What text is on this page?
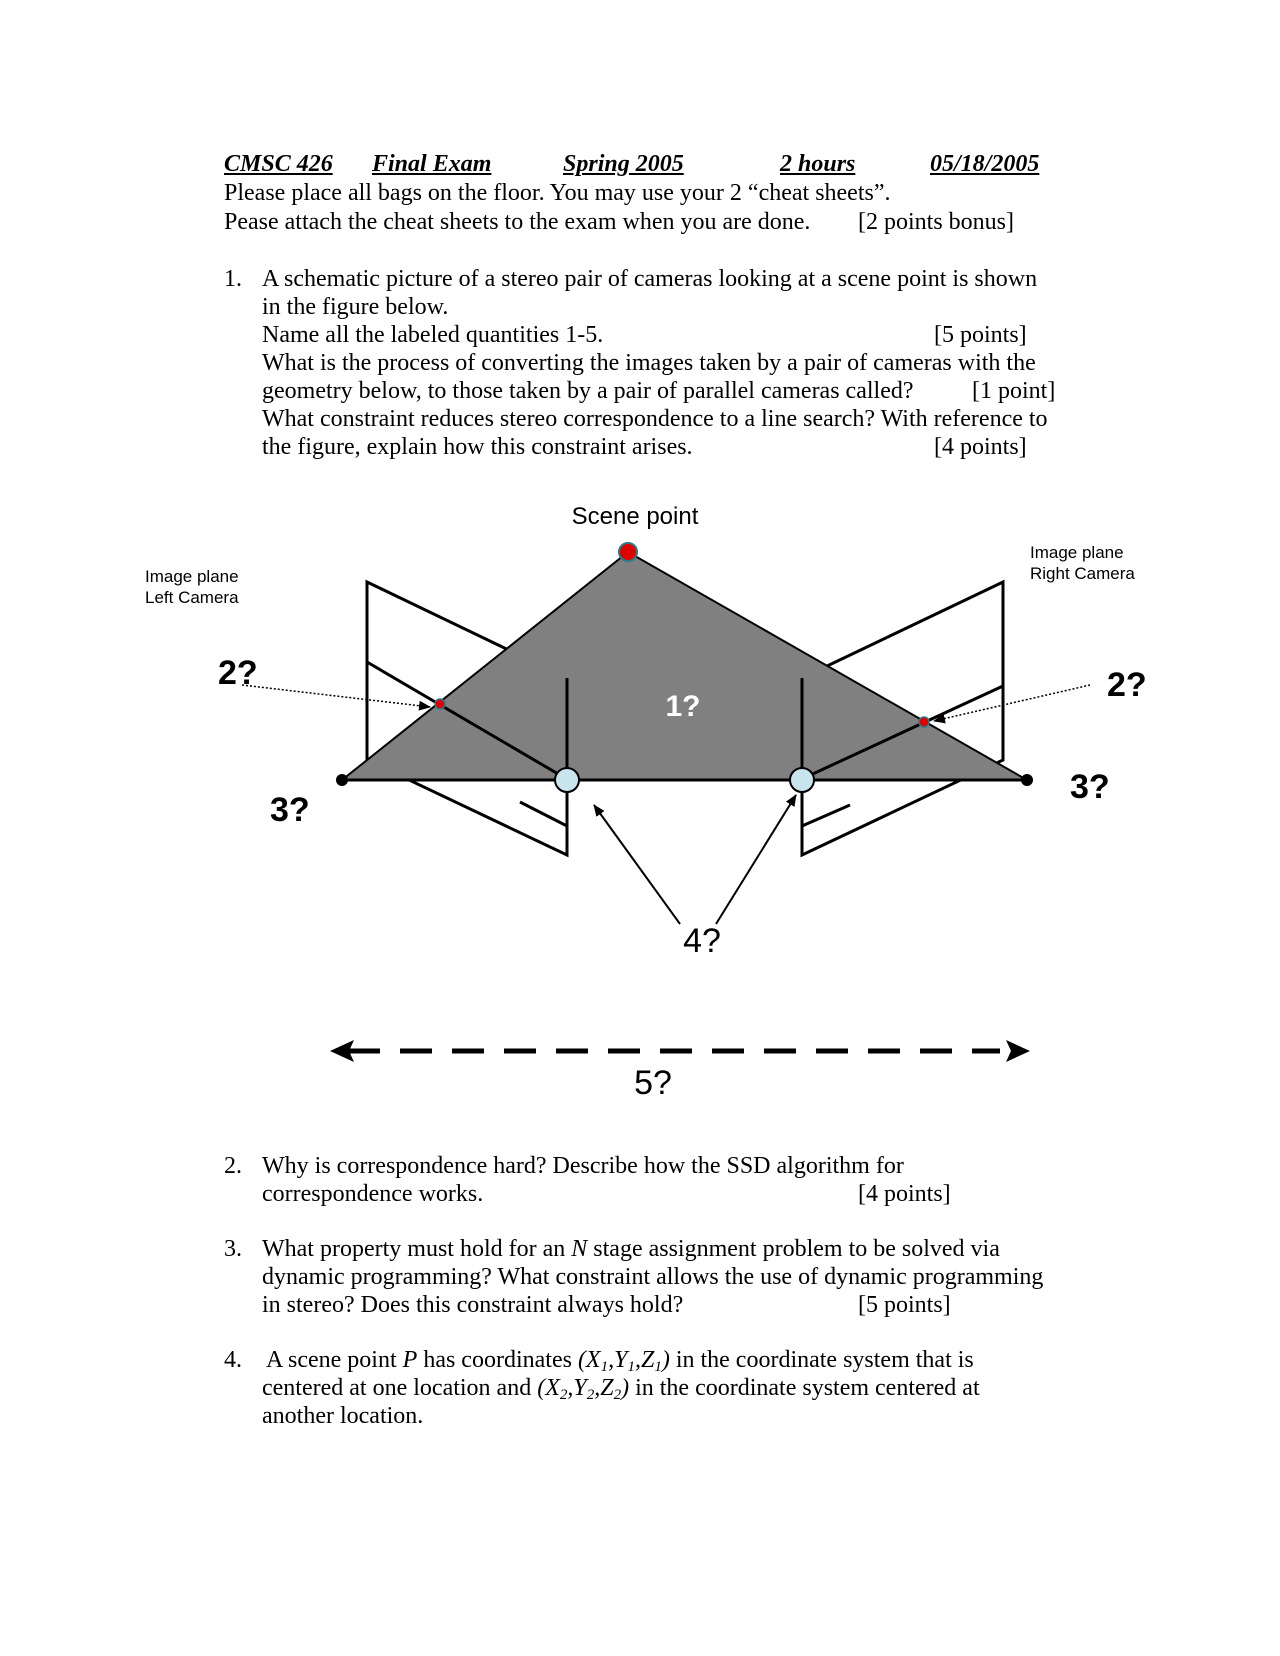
CMSC 426 Final Exam	Spring 2005	2 hours	05/18/2005
Please place all bags on the floor. You may use your 2 “cheat sheets”.
Pease attach the cheat sheets to the exam when you are done. [2 points bonus]
1. A schematic picture of a stereo pair of cameras looking at a scene point is shown
in the figure below.
Name all the labeled quantities 1-5.	[5 points]
What is the process of converting the images taken by a pair of cameras with the
geometry below, to those taken by a pair of parallel cameras called? [1 point]
What constraint reduces stereo correspondence to a line search? With reference to
the figure, explain how this constraint arises.	[4 points]
Scene point
Image plane
Left Camera
Image plane
Right Camera
1?
2?	2?
3?
3?
4?
5?
2. Why is correspondence hard? Describe how the SSD algorithm for
correspondence works.	[4 points]
3. What property must hold for an N stage assignment problem to be solved via
dynamic programming? What constraint allows the use of dynamic programming
in stereo? Does this constraint always hold?	[5 points]
4. A scene point P has coordinates $(X_1,Y_1,Z_1)$ in the coordinate system that is
centered at one location and $(X_2,Y_2,Z_2)$ in the coordinate system centered at
another location.
